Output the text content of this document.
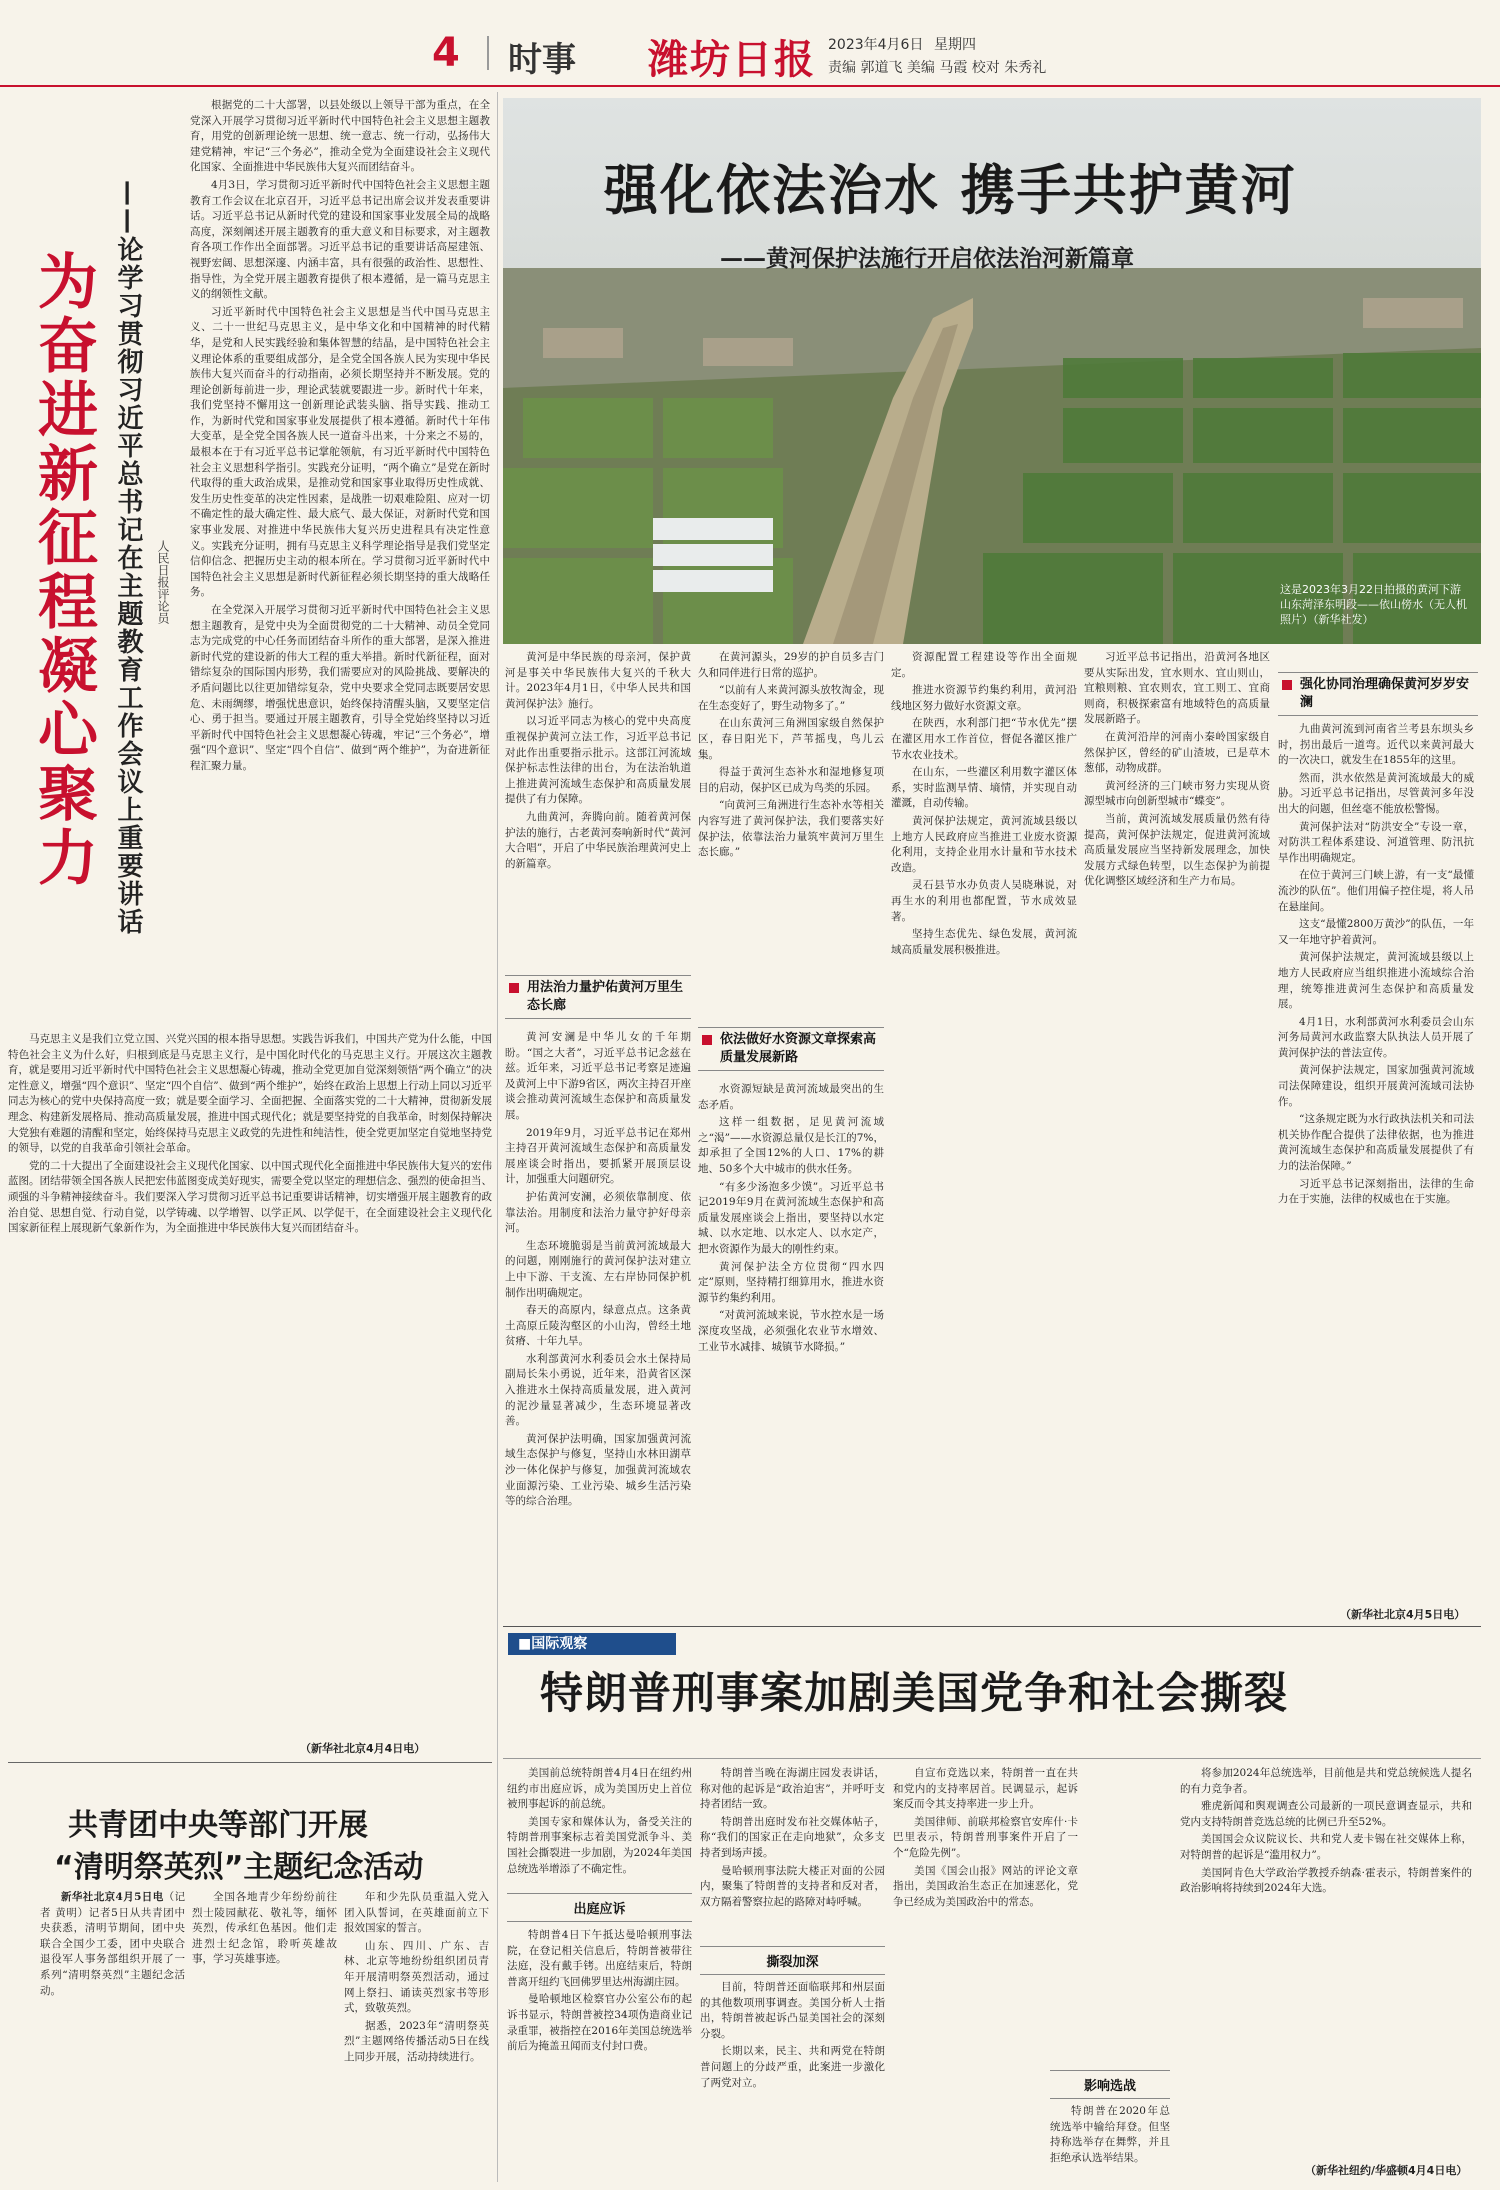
4 时事 潍坊日报 2023年4月6日 星期四
责编 郭道飞 美编 马霞 校对 朱秀礼
为奋进新征程凝心聚力 ——论学习贯彻习近平总书记在主题教育工作会议上重要讲话	人民日报评论员

根据党的二十大部署，以县处级以上领导干部为重点，在全党深入开展学习贯彻习近平新时代中国特色社会主义思想主题教育，用党的创新理论统一思想、统一意志、统一行动，弘扬伟大建党精神，牢记“三个务必”，推动全党为全面建设社会主义现代化国家、全面推进中华民族伟大复兴而团结奋斗。

4月3日，学习贯彻习近平新时代中国特色社会主义思想主题教育工作会议在北京召开，习近平总书记出席会议并发表重要讲话。习近平总书记从新时代党的建设和国家事业发展全局的战略高度，深刻阐述开展主题教育的重大意义和目标要求，对主题教育各项工作作出全面部署。习近平总书记的重要讲话高屋建瓴、视野宏阔、思想深邃、内涵丰富，具有很强的政治性、思想性、指导性，为全党开展主题教育提供了根本遵循，是一篇马克思主义的纲领性文献。

习近平新时代中国特色社会主义思想是当代中国马克思主义、二十一世纪马克思主义，是中华文化和中国精神的时代精华，是党和人民实践经验和集体智慧的结晶，是中国特色社会主义理论体系的重要组成部分，是全党全国各族人民为实现中华民族伟大复兴而奋斗的行动指南，必须长期坚持并不断发展。党的理论创新每前进一步，理论武装就要跟进一步。新时代十年来，我们党坚持不懈用这一创新理论武装头脑、指导实践、推动工作，为新时代党和国家事业发展提供了根本遵循。新时代十年伟大变革，是全党全国各族人民一道奋斗出来，十分来之不易的，最根本在于有习近平总书记掌舵领航，有习近平新时代中国特色社会主义思想科学指引。实践充分证明，“两个确立”是党在新时代取得的重大政治成果，是推动党和国家事业取得历史性成就、发生历史性变革的决定性因素，是战胜一切艰难险阻、应对一切不确定性的最大确定性、最大底气、最大保证，对新时代党和国家事业发展、对推进中华民族伟大复兴历史进程具有决定性意义。实践充分证明，拥有马克思主义科学理论指导是我们党坚定信仰信念、把握历史主动的根本所在。学习贯彻习近平新时代中国特色社会主义思想是新时代新征程必须长期坚持的重大战略任务。

在全党深入开展学习贯彻习近平新时代中国特色社会主义思想主题教育，是党中央为全面贯彻党的二十大精神、动员全党同志为完成党的中心任务而团结奋斗所作的重大部署，是深入推进新时代党的建设新的伟大工程的重大举措。新时代新征程，面对错综复杂的国际国内形势，我们需要应对的风险挑战、要解决的矛盾问题比以往更加错综复杂，党中央要求全党同志既要居安思危、未雨绸缪，增强忧患意识，始终保持清醒头脑，又要坚定信心、勇于担当。要通过开展主题教育，引导全党始终坚持以习近平新时代中国特色社会主义思想凝心铸魂，牢记“三个务必”，增强“四个意识”、坚定“四个自信”、做到“两个维护”，为奋进新征程汇聚力量。

马克思主义是我们立党立国、兴党兴国的根本指导思想。实践告诉我们，中国共产党为什么能，中国特色社会主义为什么好，归根到底是马克思主义行，是中国化时代化的马克思主义行。开展这次主题教育，就是要用习近平新时代中国特色社会主义思想凝心铸魂，推动全党更加自觉深刻领悟“两个确立”的决定性意义，增强“四个意识”、坚定“四个自信”、做到“两个维护”，始终在政治上思想上行动上同以习近平同志为核心的党中央保持高度一致；就是要全面学习、全面把握、全面落实党的二十大精神，贯彻新发展理念、构建新发展格局、推动高质量发展，推进中国式现代化；就是要坚持党的自我革命，时刻保持解决大党独有难题的清醒和坚定，始终保持马克思主义政党的先进性和纯洁性，使全党更加坚定自觉地坚持党的领导，以党的自我革命引领社会革命。

党的二十大提出了全面建设社会主义现代化国家、以中国式现代化全面推进中华民族伟大复兴的宏伟蓝图。团结带领全国各族人民把宏伟蓝图变成美好现实，需要全党以坚定的理想信念、强烈的使命担当、顽强的斗争精神接续奋斗。我们要深入学习贯彻习近平总书记重要讲话精神，切实增强开展主题教育的政治自觉、思想自觉、行动自觉，以学铸魂、以学增智、以学正风、以学促干，在全面建设社会主义现代化国家新征程上展现新气象新作为，为全面推进中华民族伟大复兴而团结奋斗。

（新华社北京4月4日电）
共青团中央等部门开展
“清明祭英烈”主题纪念活动

新华社北京4月5日电（记者 黄明）记者5日从共青团中央获悉，清明节期间，团中央联合全国少工委，团中央联合退役军人事务部组织开展了一系列“清明祭英烈”主题纪念活动。

全国各地青少年纷纷前往烈士陵园献花、敬礼等，缅怀英烈，传承红色基因。他们走进烈士纪念馆，聆听英雄故事，学习英雄事迹。

年和少先队员重温入党入团入队誓词，在英雄面前立下报效国家的誓言。

山东、四川、广东、吉林、北京等地纷纷组织团员青年开展清明祭英烈活动，通过网上祭扫、诵读英烈家书等形式，致敬英烈。

据悉，2023年“清明祭英烈”主题网络传播活动5日在线上同步开展，活动持续进行。

强化依法治水 携手共护黄河
——黄河保护法施行开启依法治河新篇章
这是2023年3月22日拍摄的黄河下游山东菏泽东明段——依山傍水（无人机照片）（新华社发）

黄河是中华民族的母亲河，保护黄河是事关中华民族伟大复兴的千秋大计。2023年4月1日，《中华人民共和国黄河保护法》施行。

以习近平同志为核心的党中央高度重视保护黄河立法工作，习近平总书记对此作出重要指示批示。这部江河流域保护标志性法律的出台，为在法治轨道上推进黄河流域生态保护和高质量发展提供了有力保障。

九曲黄河，奔腾向前。随着黄河保护法的施行，古老黄河奏响新时代“黄河大合唱”，开启了中华民族治理黄河史上的新篇章。

用法治力量护佑黄河万里生态长廊

黄河安澜是中华儿女的千年期盼。“国之大者”，习近平总书记念兹在兹。近年来，习近平总书记考察足迹遍及黄河上中下游9省区，两次主持召开座谈会推动黄河流域生态保护和高质量发展。

2019年9月，习近平总书记在郑州主持召开黄河流域生态保护和高质量发展座谈会时指出，要抓紧开展顶层设计，加强重大问题研究。

护佑黄河安澜，必须依靠制度、依靠法治。用制度和法治力量守护好母亲河。

生态环境脆弱是当前黄河流域最大的问题，刚刚施行的黄河保护法对建立上中下游、干支流、左右岸协同保护机制作出明确规定。

春天的高原内，绿意点点。这条黄土高原丘陵沟壑区的小山沟，曾经土地贫瘠、十年九旱。

水利部黄河水利委员会水土保持局副局长朱小勇说，近年来，沿黄省区深入推进水土保持高质量发展，进入黄河的泥沙量显著减少，生态环境显著改善。

黄河保护法明确，国家加强黄河流域生态保护与修复，坚持山水林田湖草沙一体化保护与修复，加强黄河流域农业面源污染、工业污染、城乡生活污染等的综合治理。

在黄河源头，29岁的护自员多吉门久和同伴进行日常的巡护。

“以前有人来黄河源头放牧淘金，现在生态变好了，野生动物多了。”

在山东黄河三角洲国家级自然保护区，春日阳光下，芦苇摇曳，鸟儿云集。

得益于黄河生态补水和湿地修复项目的启动，保护区已成为鸟类的乐园。

“向黄河三角洲进行生态补水等相关内容写进了黄河保护法，我们要落实好保护法，依靠法治力量筑牢黄河万里生态长廊。”

依法做好水资源文章探索高质量发展新路

水资源短缺是黄河流域最突出的生态矛盾。

这样一组数据，足见黄河流域之“渴”——水资源总量仅是长江的7%，却承担了全国12%的人口、17%的耕地、50多个大中城市的供水任务。

“有多少汤泡多少馍”。习近平总书记2019年9月在黄河流域生态保护和高质量发展座谈会上指出，要坚持以水定城、以水定地、以水定人、以水定产，把水资源作为最大的刚性约束。

黄河保护法全方位贯彻“四水四定”原则，坚持精打细算用水，推进水资源节约集约利用。

“对黄河流域来说，节水控水是一场深度攻坚战，必须强化农业节水增效、工业节水减排、城镇节水降损。”

资源配置工程建设等作出全面规定。

推进水资源节约集约利用，黄河沿线地区努力做好水资源文章。

在陕西，水利部门把“节水优先”摆在灌区用水工作首位，督促各灌区推广节水农业技术。

在山东，一些灌区利用数字灌区体系，实时监测旱情、墒情，并实现自动灌溉，自动传输。

黄河保护法规定，黄河流域县级以上地方人民政府应当推进工业废水资源化利用，支持企业用水计量和节水技术改造。

灵石县节水办负责人吴晓琳说，对再生水的利用也都配置，节水成效显著。

坚持生态优先、绿色发展，黄河流域高质量发展积极推进。

习近平总书记指出，沿黄河各地区要从实际出发，宜水则水、宜山则山，宜粮则粮、宜农则农，宜工则工、宜商则商，积极探索富有地域特色的高质量发展新路子。

在黄河沿岸的河南小秦岭国家级自然保护区，曾经的矿山渣坡，已是草木葱郁，动物成群。

黄河经济的三门峡市努力实现从资源型城市向创新型城市“蝶变”。

当前，黄河流域发展质量仍然有待提高，黄河保护法规定，促进黄河流域高质量发展应当坚持新发展理念，加快发展方式绿色转型，以生态保护为前提优化调整区域经济和生产力布局。

强化协同治理确保黄河岁岁安澜

九曲黄河流到河南省兰考县东坝头乡时，拐出最后一道弯。近代以来黄河最大的一次决口，就发生在1855年的这里。

然而，洪水依然是黄河流域最大的威胁。习近平总书记指出，尽管黄河多年没出大的问题，但丝毫不能放松警惕。

黄河保护法对“防洪安全”专设一章，对防洪工程体系建设、河道管理、防汛抗旱作出明确规定。

在位于黄河三门峡上游，有一支“最懂流沙的队伍”。他们用偏子控住堤，将人吊在悬崖间。

这支“最懂2800万黄沙”的队伍，一年又一年地守护着黄河。

黄河保护法规定，黄河流域县级以上地方人民政府应当组织推进小流域综合治理，统筹推进黄河生态保护和高质量发展。

4月1日，水利部黄河水利委员会山东河务局黄河水政监察大队执法人员开展了黄河保护法的普法宣传。

黄河保护法规定，国家加强黄河流域司法保障建设，组织开展黄河流域司法协作。

“这条规定既为水行政执法机关和司法机关协作配合提供了法律依据，也为推进黄河流域生态保护和高质量发展提供了有力的法治保障。”

习近平总书记深刻指出，法律的生命力在于实施，法律的权威也在于实施。

（新华社北京4月5日电）
■国际观察
特朗普刑事案加剧美国党争和社会撕裂

美国前总统特朗普4月4日在纽约州纽约市出庭应诉，成为美国历史上首位被刑事起诉的前总统。

美国专家和媒体认为，备受关注的特朗普刑事案标志着美国党派争斗、美国社会撕裂进一步加剧，为2024年美国总统选举增添了不确定性。

出庭应诉

特朗普4日下午抵达曼哈顿刑事法院，在登记相关信息后，特朗普被带往法庭，没有戴手铐。出庭结束后，特朗普离开纽约飞回佛罗里达州海湖庄园。

曼哈顿地区检察官办公室公布的起诉书显示，特朗普被控34项伪造商业记录重罪，被指控在2016年美国总统选举前后为掩盖丑闻而支付封口费。

特朗普当晚在海湖庄园发表讲话，称对他的起诉是“政治迫害”，并呼吁支持者团结一致。

特朗普出庭时发布社交媒体帖子，称“我们的国家正在走向地狱”，众多支持者到场声援。

曼哈顿刑事法院大楼正对面的公园内，聚集了特朗普的支持者和反对者，双方隔着警察拉起的路障对峙呼喊。

撕裂加深

目前，特朗普还面临联邦和州层面的其他数项刑事调查。美国分析人士指出，特朗普被起诉凸显美国社会的深刻分裂。

长期以来，民主、共和两党在特朗普问题上的分歧严重，此案进一步激化了两党对立。

自宣布竞选以来，特朗普一直在共和党内的支持率居首。民调显示，起诉案反而令其支持率进一步上升。

美国律师、前联邦检察官安库什·卡巴里表示，特朗普刑事案件开启了一个“危险先例”。

美国《国会山报》网站的评论文章指出，美国政治生态正在加速恶化，党争已经成为美国政治中的常态。

影响选战

特朗普在2020年总统选举中输给拜登。但坚持称选举存在舞弊，并且拒绝承认选举结果。

将参加2024年总统选举，目前他是共和党总统候选人提名的有力竞争者。

雅虎新闻和舆观调查公司最新的一项民意调查显示，共和党内支持特朗普竞选总统的比例已升至52%。

美国国会众议院议长、共和党人麦卡锡在社交媒体上称，对特朗普的起诉是“滥用权力”。

美国阿肯色大学政治学教授乔纳森·霍表示，特朗普案件的政治影响将持续到2024年大选。

（新华社纽约/华盛顿4月4日电）
